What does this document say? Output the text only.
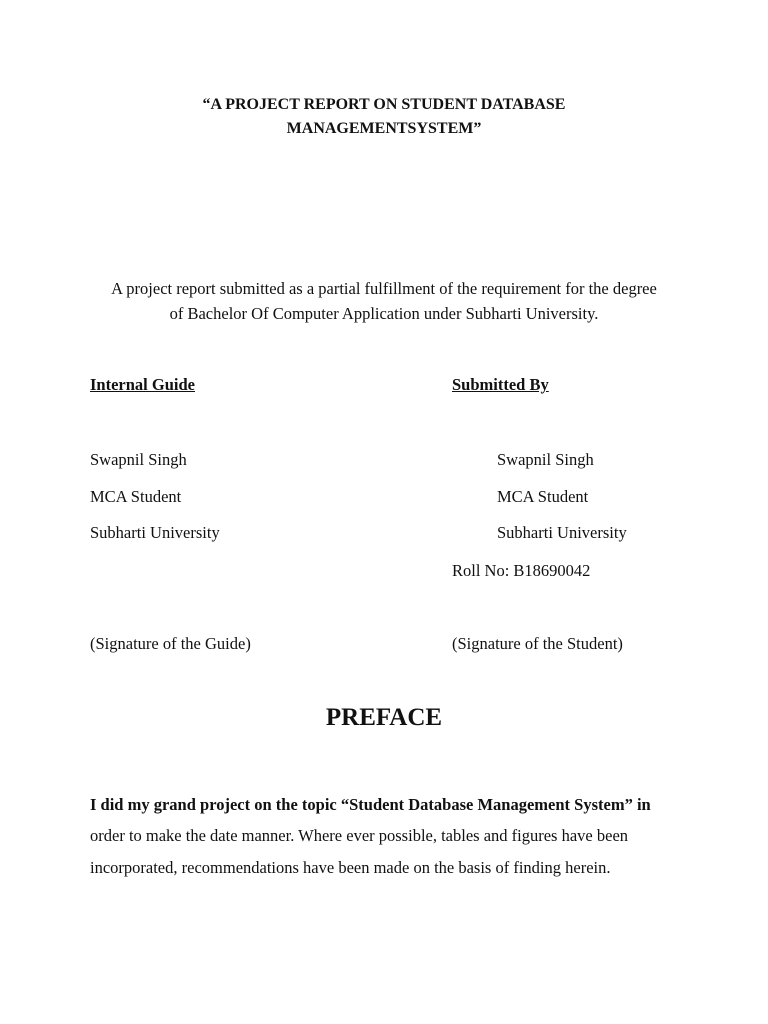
“A PROJECT REPORT ON STUDENT DATABASE
MANAGEMENTSYSTEM”
A project report submitted as a partial fulfillment of the requirement for the degree
of Bachelor Of Computer Application under Subharti University.
Internal Guide
Swapnil Singh
MCA Student
Subharti University
(Signature of the Guide)
Submitted By
Swapnil Singh
MCA Student
Subharti University
Roll No: B18690042
(Signature of the Student)
PREFACE
I did my grand project on the topic “Student Database Management System” in
order to make the date manner. Where ever possible, tables and figures have been
incorporated, recommendations have been made on the basis of finding herein.
